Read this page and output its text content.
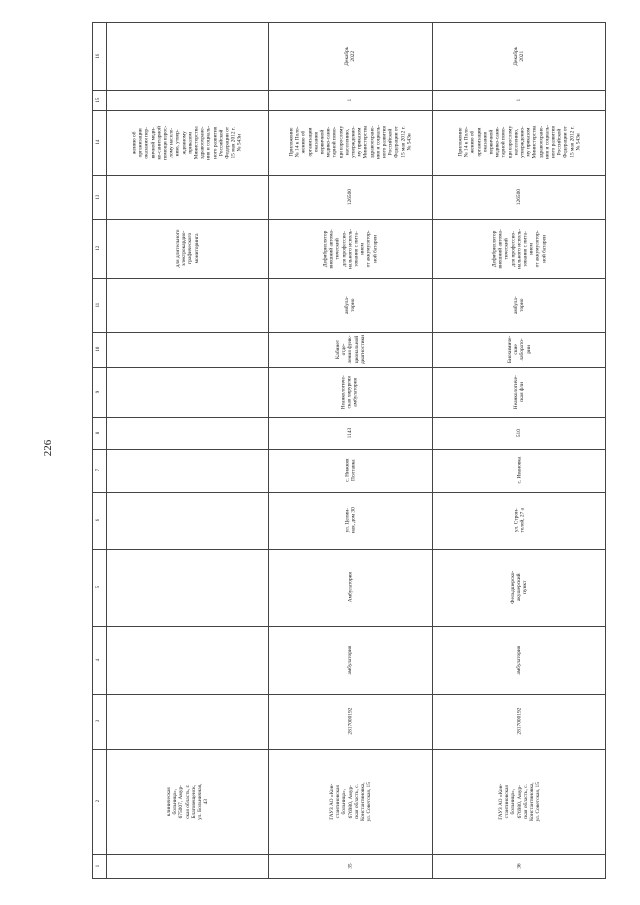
226
1
2
3
4
5
6
7
8
9
10
11
12
13
14
15
16
клиническая
больница»,
675007, Амур-
ская область, г.
Благовещенск,
ул. Больничная,
43
для длительного
электрокардио-
графического
мониторинга
жению об
организации
оказания пер-
вичной меди-
ко-санитарной
помощи взрос-
лому населе-
нию, утвер-
жденному
приказом
Министерства
здравоохране-
ния и социаль-
ного развития
Российской
Федерации от
15 мая 2012 г.
№ 543н
35
ГАУЗ АО «Кон-
стантиновская
больница»,
676980, Амур-
ская область, с.
Константиновка,
ул. Советская, 15
2817000192
амбулатория
Амбулатория
ул. Целин-
ная, дом 30
с. Нижняя
Полтавка
1143
Неанкологиче-
ская хирургия
амбулатория
Кабинет отде-
ления функ-
циональной
диагностики
амбула-
торно
Дефибриллятор
внешний автома-
тический
для профессио-
нального исполь-
зования с пита-
нием
от аккумулятор-
ной батареи
126500
Приложение
№ 14 к Поло-
жению об
организации
оказания
первичной
медико-сани-
тарной помо-
щи взрослому
населению,
утвержденно-
му приказом
Министерства
здравоохране-
ния и социаль-
ного развития
Российской
Федерации от
15 мая 2012 г.
№ 543н
1
Декабрь
2022
36
ГАУЗ АО «Кон-
стантиновская
больница»,
676980, Амур-
ская область, с.
Константиновка,
ул. Советская, 15
2817000192
амбулатория
Фельдшерско-
акушерский
пункт
ул. Строи-
телей, 27 а
с. Ивановка
510
Неанкологиче-
ская фли
Биохимиче-
ские лаборато-
рии
амбула-
торно
Дефибриллятор
внешний автома-
тический
для профессио-
нального исполь-
зования с пита-
нием
от аккумулятор-
ной батареи
126500
Приложение
№ 14 к Поло-
жению об
организации
оказания
первичной
медико-сани-
тарной помо-
щи взрослому
населению,
утвержденно-
му приказом
Министерства
здравоохране-
ния и социаль-
ного развития
Российской
Федерации от
15 мая 2012 г.
№ 543н
1
Декабрь
2021
